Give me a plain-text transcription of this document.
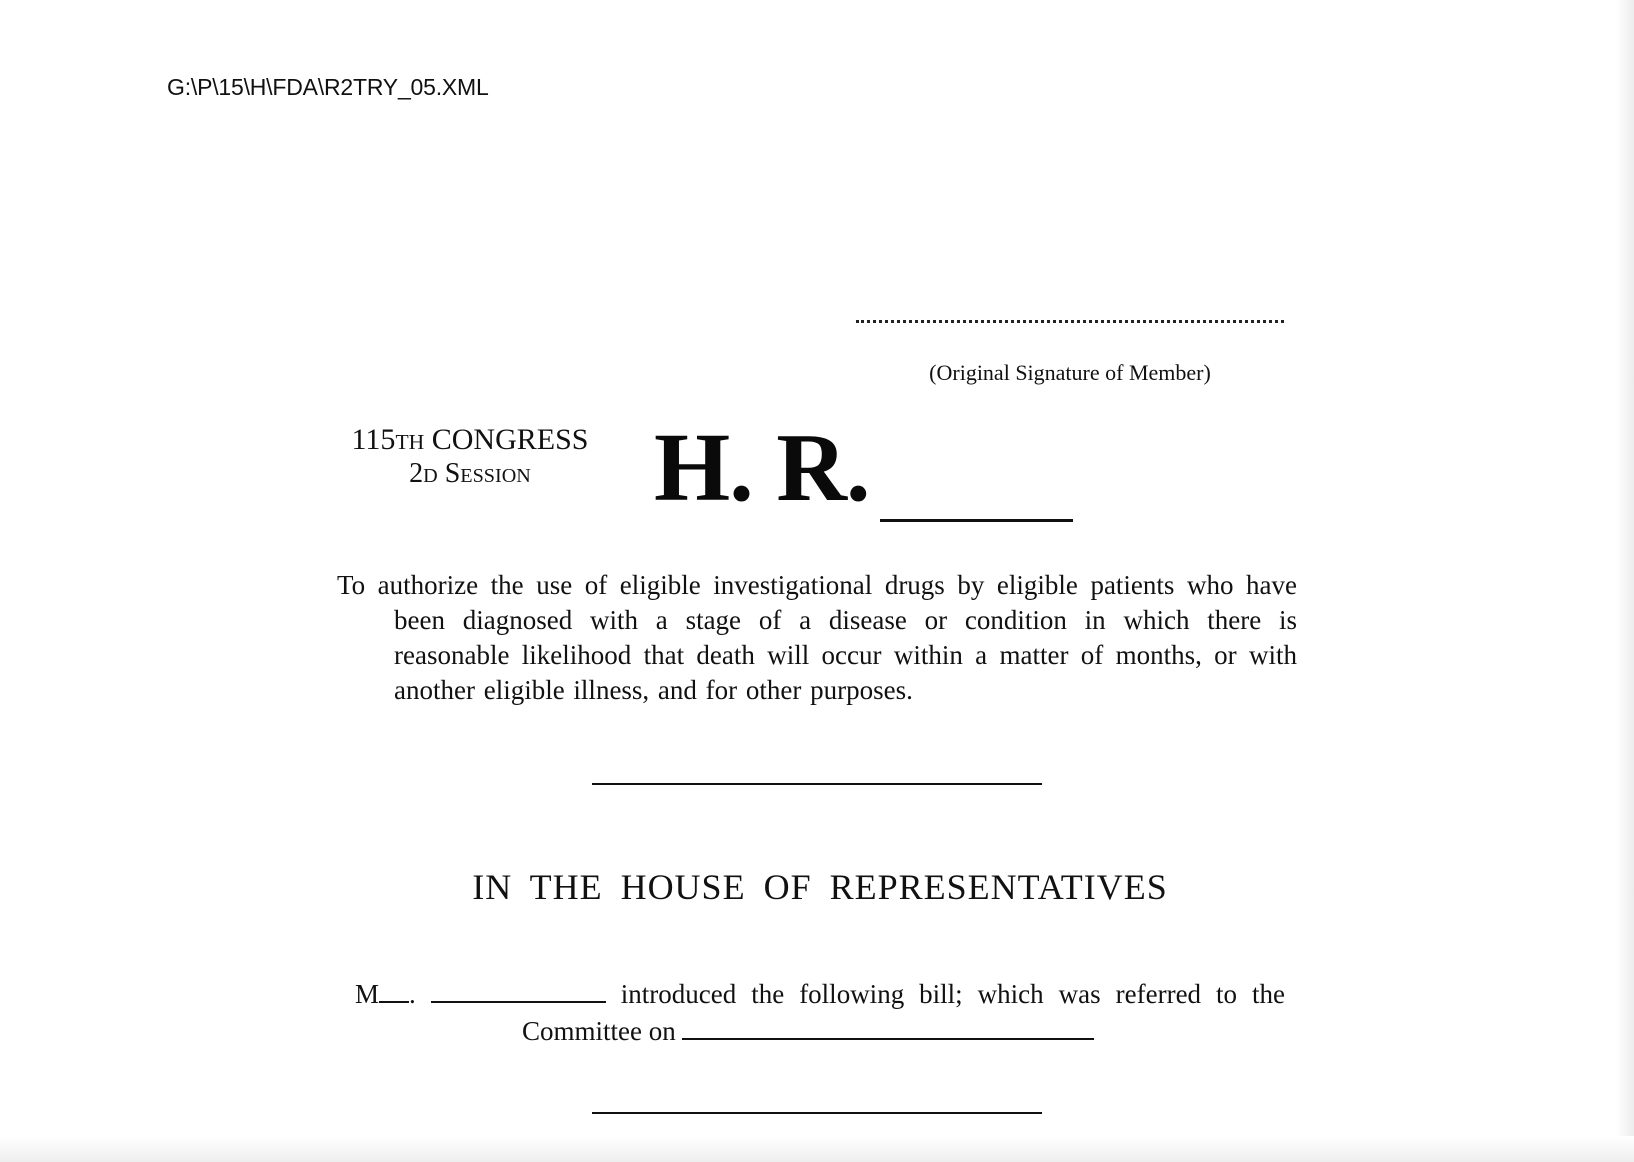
G:\P\15\H\FDA\R2TRY_05.XML
(Original Signature of Member)
115TH CONGRESS
2D SESSION	H. R.
To authorize the use of eligible investigational drugs by eligible patients who have been diagnosed with a stage of a disease or condition in which there is reasonable likelihood that death will occur within a matter of months, or with another eligible illness, and for other purposes.
IN THE HOUSE OF REPRESENTATIVES
M .	introduced the following bill; which was referred to the Committee on
